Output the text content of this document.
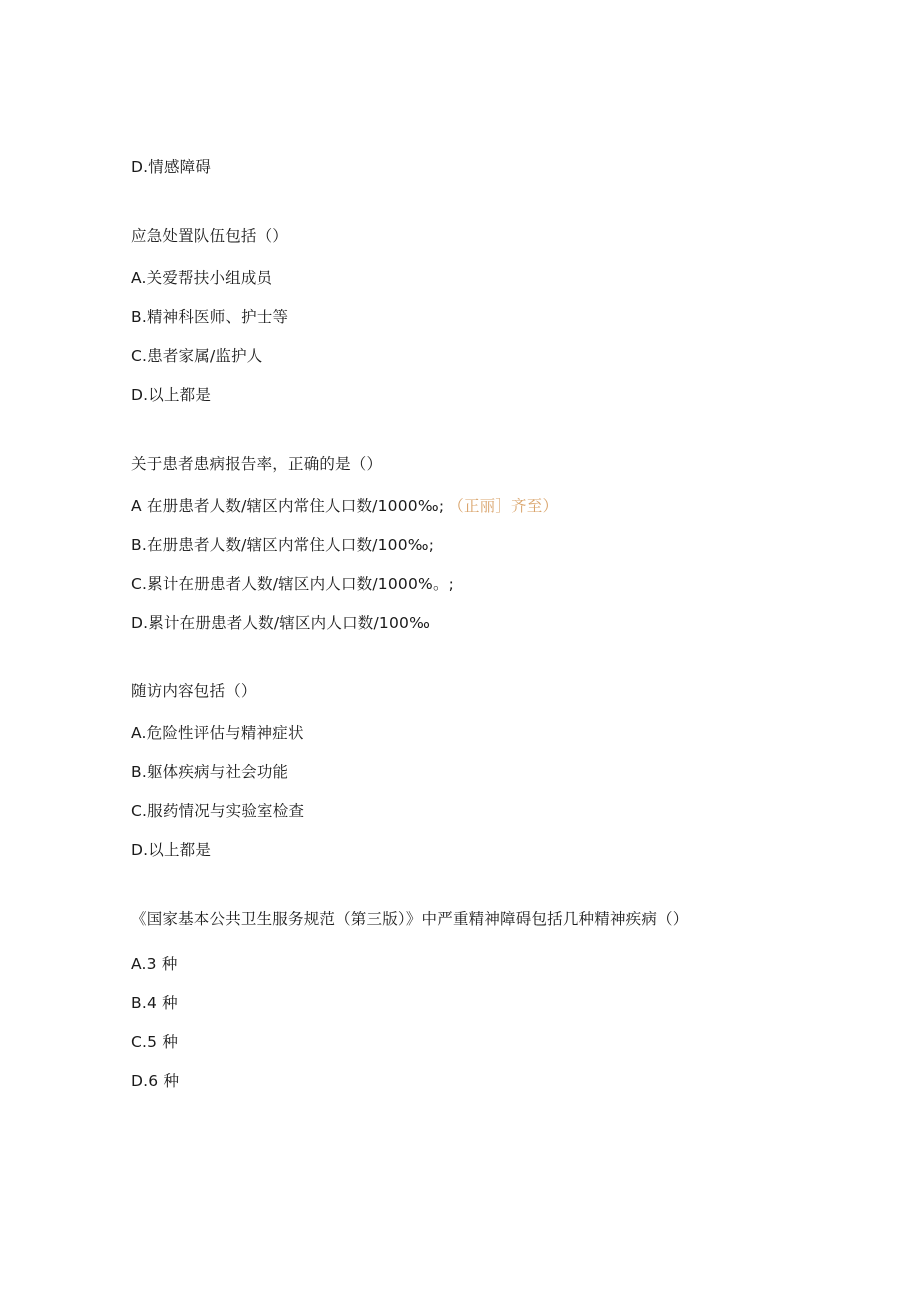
D.情感障碍
应急处置队伍包括（）
A.关爱帮扶小组成员
B.精神科医师、护士等
C.患者家属/监护人
D.以上都是
关于患者患病报告率，正确的是（）
A 在册患者人数/辖区内常住人口数/1000‰; （正丽］齐至）
B.在册患者人数/辖区内常住人口数/100‰;
C.累计在册患者人数/辖区内人口数/1000%。;
D.累计在册患者人数/辖区内人口数/100‰
随访内容包括（）
A.危险性评估与精神症状
B.躯体疾病与社会功能
C.服药情况与实验室检查
D.以上都是
《国家基本公共卫生服务规范（第三版）》中严重精神障碍包括几种精神疾病（）
A.3 种
B.4 种
C.5 种
D.6 种
